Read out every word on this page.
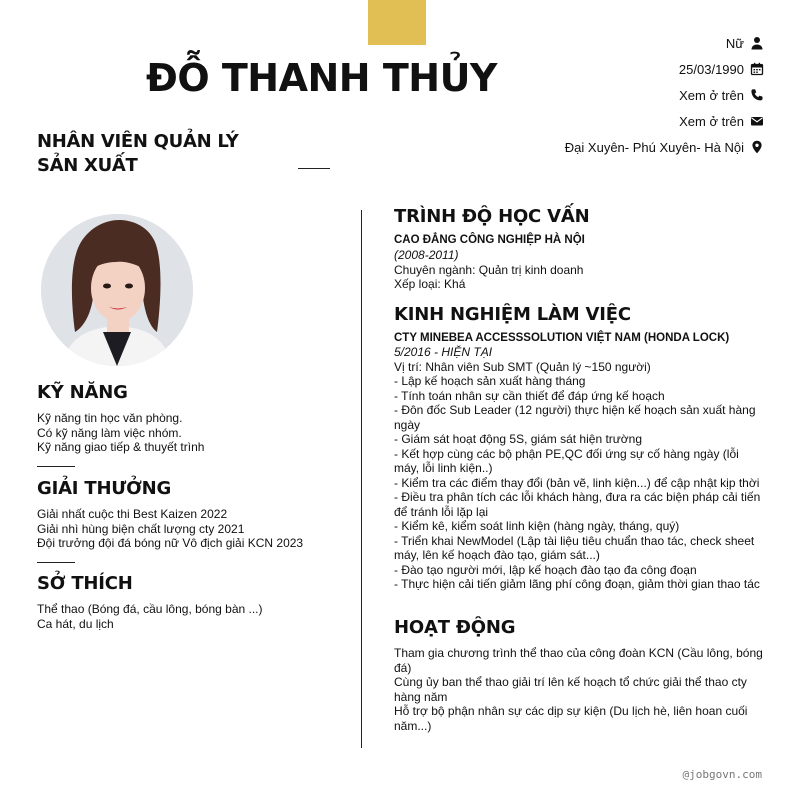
ĐỖ THANH THỦY
NHÂN VIÊN QUẢN LÝ SẢN XUẤT
Nữ
25/03/1990
Xem ở trên
Xem ở trên
Đại Xuyên- Phú Xuyên- Hà Nội
KỸ NĂNG
Kỹ năng tin học văn phòng.
Có kỹ năng làm việc nhóm.
Kỹ năng giao tiếp & thuyết trình
GIẢI THƯỞNG
Giải nhất cuộc thi Best Kaizen 2022
Giải nhì hùng biện chất lượng cty 2021
Đội trưởng đội đá bóng nữ Vô địch giải KCN 2023
SỞ THÍCH
Thể thao (Bóng đá, cầu lông, bóng bàn ...)
Ca hát, du lịch
TRÌNH ĐỘ HỌC VẤN
CAO ĐẲNG CÔNG NGHIỆP HÀ NỘI
(2008-2011)
Chuyên ngành: Quản trị kinh doanh
Xếp loại: Khá
KINH NGHIỆM LÀM VIỆC
CTY MINEBEA ACCESSSOLUTION VIỆT NAM (HONDA LOCK)
5/2016 - HIỆN TẠI
Vị trí: Nhân viên Sub SMT (Quản lý ~150 người)
- Lập kế hoạch sản xuất hàng tháng
- Tính toán nhân sự cần thiết để đáp ứng kế hoạch
- Đôn đốc Sub Leader (12 người) thực hiện kế hoạch sản xuất hàng ngày
- Giám sát hoạt động 5S, giám sát hiện trường
- Kết hợp cùng các bộ phận PE,QC đối ứng sự cố hàng ngày (lỗi máy, lỗi linh kiện..)
- Kiểm tra các điểm thay đổi (bản vẽ, linh kiện...) để cập nhật kịp thời
- Điều tra phân tích các lỗi khách hàng, đưa ra các biện pháp cải tiến để tránh lỗi lặp lại
- Kiểm kê, kiểm soát linh kiện (hàng ngày, tháng, quý)
- Triển khai NewModel (Lập tài liệu tiêu chuẩn thao tác, check sheet máy, lên kế hoạch đào tạo, giám sát...)
- Đào tạo người mới, lập kế hoạch đào tạo đa công đoạn
- Thực hiện cải tiến giảm lãng phí công đoạn, giảm thời gian thao tác
HOẠT ĐỘNG
Tham gia chương trình thể thao của công đoàn KCN (Cầu lông, bóng đá)
Cùng ủy ban thể thao giải trí lên kế hoạch tổ chức giải thể thao cty hàng năm
Hỗ trợ bộ phận nhân sự các dịp sự kiện (Du lịch hè, liên hoan cuối năm...)
@jobgovn.com
